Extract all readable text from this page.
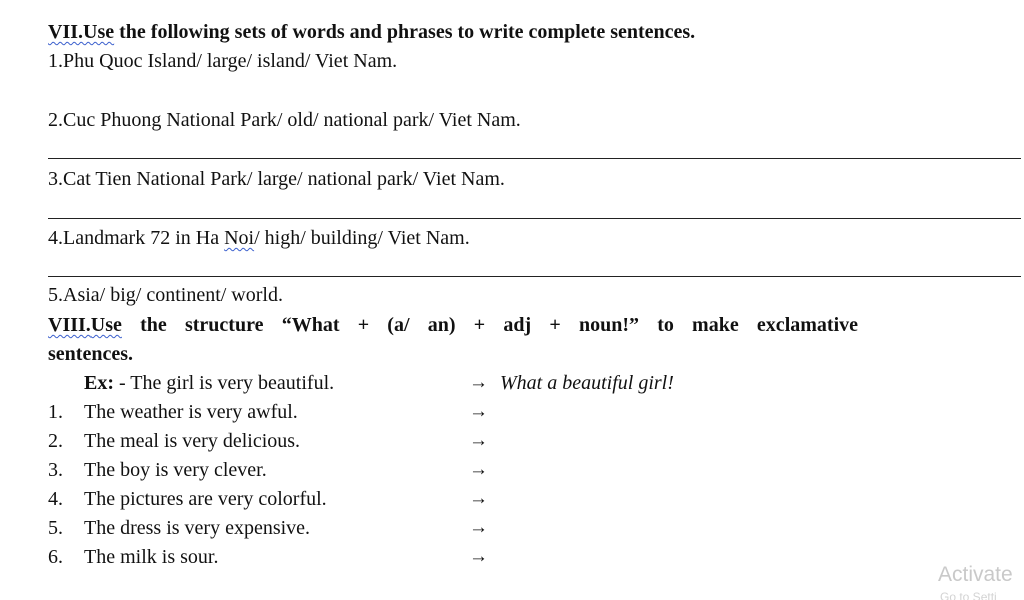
VII.Use the following sets of words and phrases to write complete sentences.
1.Phu Quoc Island/ large/ island/ Viet Nam.
2.Cuc Phuong National Park/ old/ national park/ Viet Nam.
3.Cat Tien National Park/ large/ national park/ Viet Nam.
4.Landmark 72 in Ha Noi/ high/ building/ Viet Nam.
5.Asia/ big/ continent/ world.
VIII.Use the structure “What + (a/ an) + adj + noun!” to make exclamative
sentences.
Ex: - The girl is very beautiful.	→ What a beautiful girl!
1. The weather is very awful.	→
2. The meal is very delicious.	→
3. The boy is very clever.	→
4. The pictures are very colorful.	→
5. The dress is very expensive.	→
6. The milk is sour.	→
Activate
Go to Setti
